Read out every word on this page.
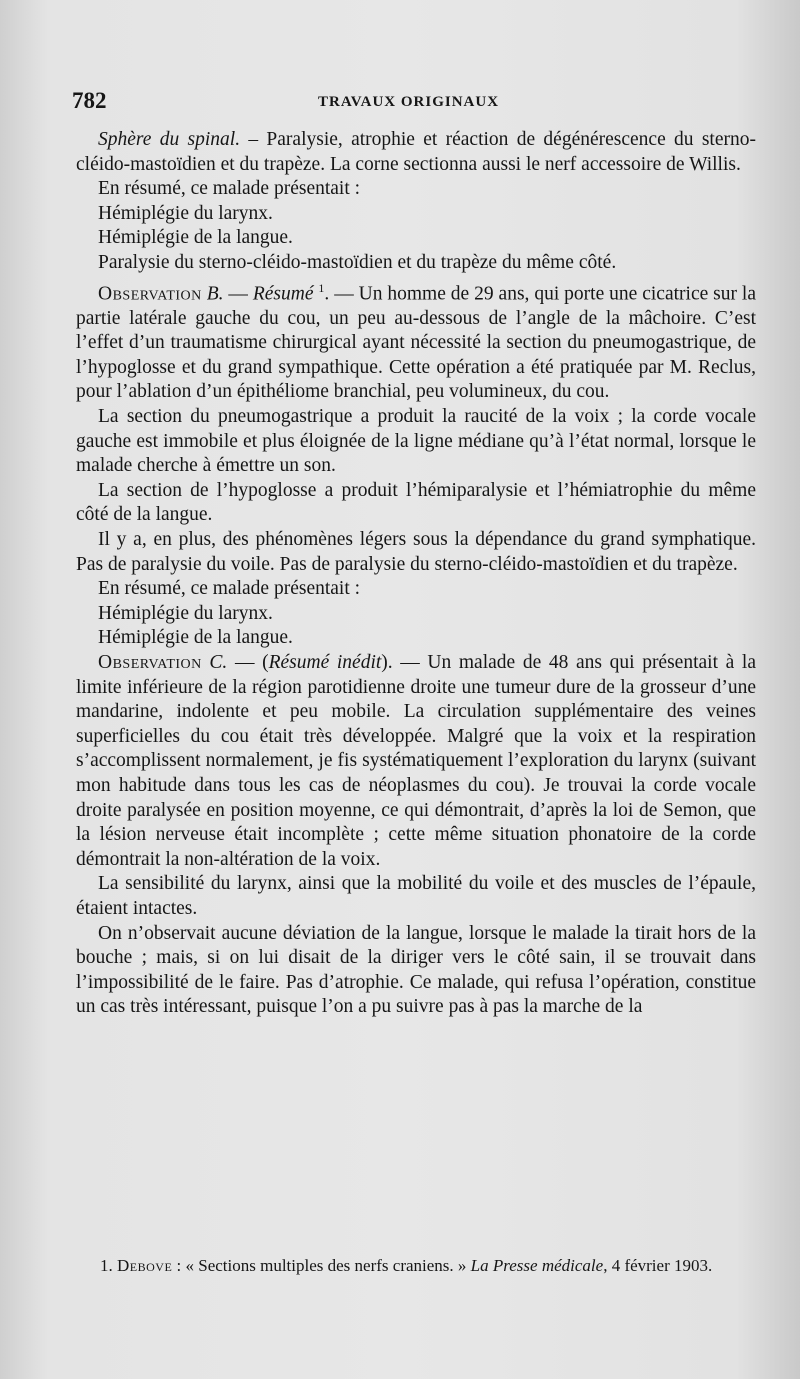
782	TRAVAUX ORIGINAUX

Sphère du spinal. – Paralysie, atrophie et réaction de dégénérescence du sterno-cléido-mastoïdien et du trapèze. La corne sectionna aussi le nerf accessoire de Willis.

En résumé, ce malade présentait :

Hémiplégie du larynx.

Hémiplégie de la langue.

Paralysie du sterno-cléido-mastoïdien et du trapèze du même côté.

Observation B. — Résumé $^1$. — Un homme de 29 ans, qui porte une cicatrice sur la partie latérale gauche du cou, un peu au-dessous de l’angle de la mâchoire. C’est l’effet d’un traumatisme chirurgical ayant nécessité la section du pneumogastrique, de l’hypoglosse et du grand sympathique. Cette opération a été pratiquée par M. Reclus, pour l’ablation d’un épithéliome branchial, peu volumineux, du cou.

La section du pneumogastrique a produit la raucité de la voix ; la corde vocale gauche est immobile et plus éloignée de la ligne médiane qu’à l’état normal, lorsque le malade cherche à émettre un son.

La section de l’hypoglosse a produit l’hémiparalysie et l’hémiatrophie du même côté de la langue.

Il y a, en plus, des phénomènes légers sous la dépendance du grand symphatique. Pas de paralysie du voile. Pas de paralysie du sterno-cléido-mastoïdien et du trapèze.

En résumé, ce malade présentait :

Hémiplégie du larynx.

Hémiplégie de la langue.

Observation C. — (Résumé inédit). — Un malade de 48 ans qui présentait à la limite inférieure de la région parotidienne droite une tumeur dure de la grosseur d’une mandarine, indolente et peu mobile. La circulation supplémentaire des veines superficielles du cou était très développée. Malgré que la voix et la respiration s’accomplissent normalement, je fis systématiquement l’exploration du larynx (suivant mon habitude dans tous les cas de néoplasmes du cou). Je trouvai la corde vocale droite paralysée en position moyenne, ce qui démontrait, d’après la loi de Semon, que la lésion nerveuse était incomplète ; cette même situation phonatoire de la corde démontrait la non-altération de la voix.

La sensibilité du larynx, ainsi que la mobilité du voile et des muscles de l’épaule, étaient intactes.

On n’observait aucune déviation de la langue, lorsque le malade la tirait hors de la bouche ; mais, si on lui disait de la diriger vers le côté sain, il se trouvait dans l’impossibilité de le faire. Pas d’atrophie. Ce malade, qui refusa l’opération, constitue un cas très intéressant, puisque l’on a pu suivre pas à pas la marche de la

1. Debove : « Sections multiples des nerfs craniens. » La Presse médicale, 4 février 1903.
